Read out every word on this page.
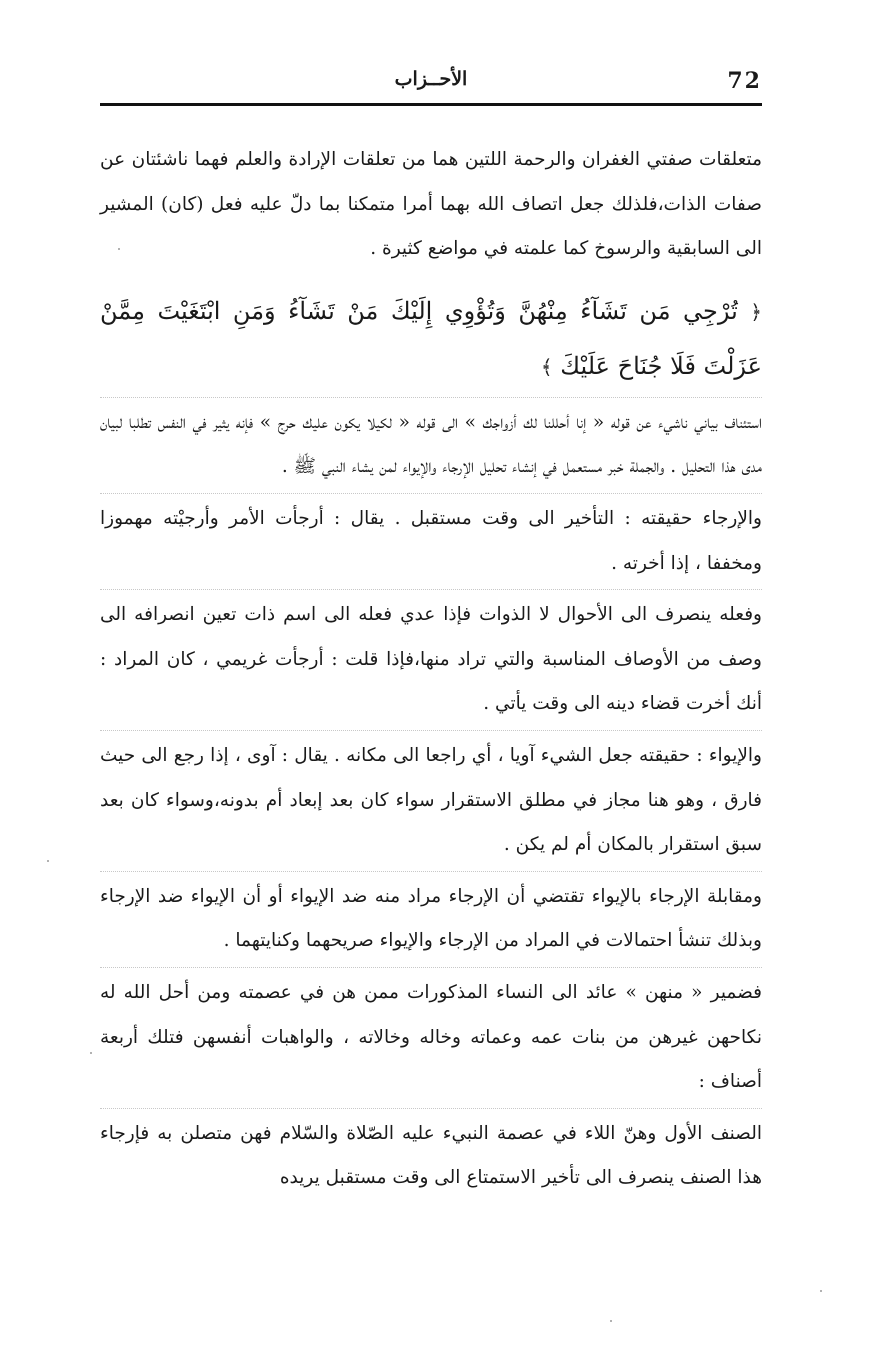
72
الأحــزاب

متعلقات صفتي الغفران والرحمة اللتين هما من تعلقات الإرادة والعلم فهما ناشئتان عن صفات الذات،فلذلك جعل اتصاف الله بهما أمرا متمكنا بما دلّ عليه فعل (كان) المشير الى السابقية والرسوخ كما علمته في مواضع كثيرة .

﴿ تُرْجِي مَن تَشَآءُ مِنْهُنَّ وَتُؤْوِي إِلَيْكَ مَنْ تَشَآءُ وَمَنِ ابْتَغَيْتَ مِمَّنْ عَزَلْتَ فَلَا جُنَاحَ عَلَيْكَ ﴾

استئناف بياني ناشيء عن قوله « إنا أحللنا لك أزواجك » الى قوله « لكيلا يكون عليك حرج » فإنه يثير في النفس تطلبا لبيان مدى هذا التحليل . والجملة خبر مستعمل في إنشاء تحليل الإرجاء والإيواء لمن يشاء النبي ﷺ .

والإرجاء حقيقته : التأخير الى وقت مستقبل . يقال : أرجأت الأمر وأرجيْته مهموزا ومخففا ، إذا أخرته .

وفعله ينصرف الى الأحوال لا الذوات فإذا عدي فعله الى اسم ذات تعين انصرافه الى وصف من الأوصاف المناسبة والتي تراد منها،فإذا قلت : أرجأت غريمي ، كان المراد : أنك أخرت قضاء دينه الى وقت يأتي .

والإيواء : حقيقته جعل الشيء آويا ، أي راجعا الى مكانه . يقال : آوى ، إذا رجع الى حيث فارق ، وهو هنا مجاز في مطلق الاستقرار سواء كان بعد إبعاد أم بدونه،وسواء كان بعد سبق استقرار بالمكان أم لم يكن .

ومقابلة الإرجاء بالإيواء تقتضي أن الإرجاء مراد منه ضد الإيواء أو أن الإيواء ضد الإرجاء وبذلك تنشأ احتمالات في المراد من الإرجاء والإيواء صريحهما وكنايتهما .

فضمير « منهن » عائد الى النساء المذكورات ممن هن في عصمته ومن أحل الله له نكاحهن غيرهن من بنات عمه وعماته وخاله وخالاته ، والواهبات أنفسهن فتلك أربعة أصناف :

الصنف الأول وهنّ اللاء في عصمة النبيء عليه الصّلاة والسّلام فهن متصلن به فإرجاء هذا الصنف ينصرف الى تأخير الاستمتاع الى وقت مستقبل يريده
